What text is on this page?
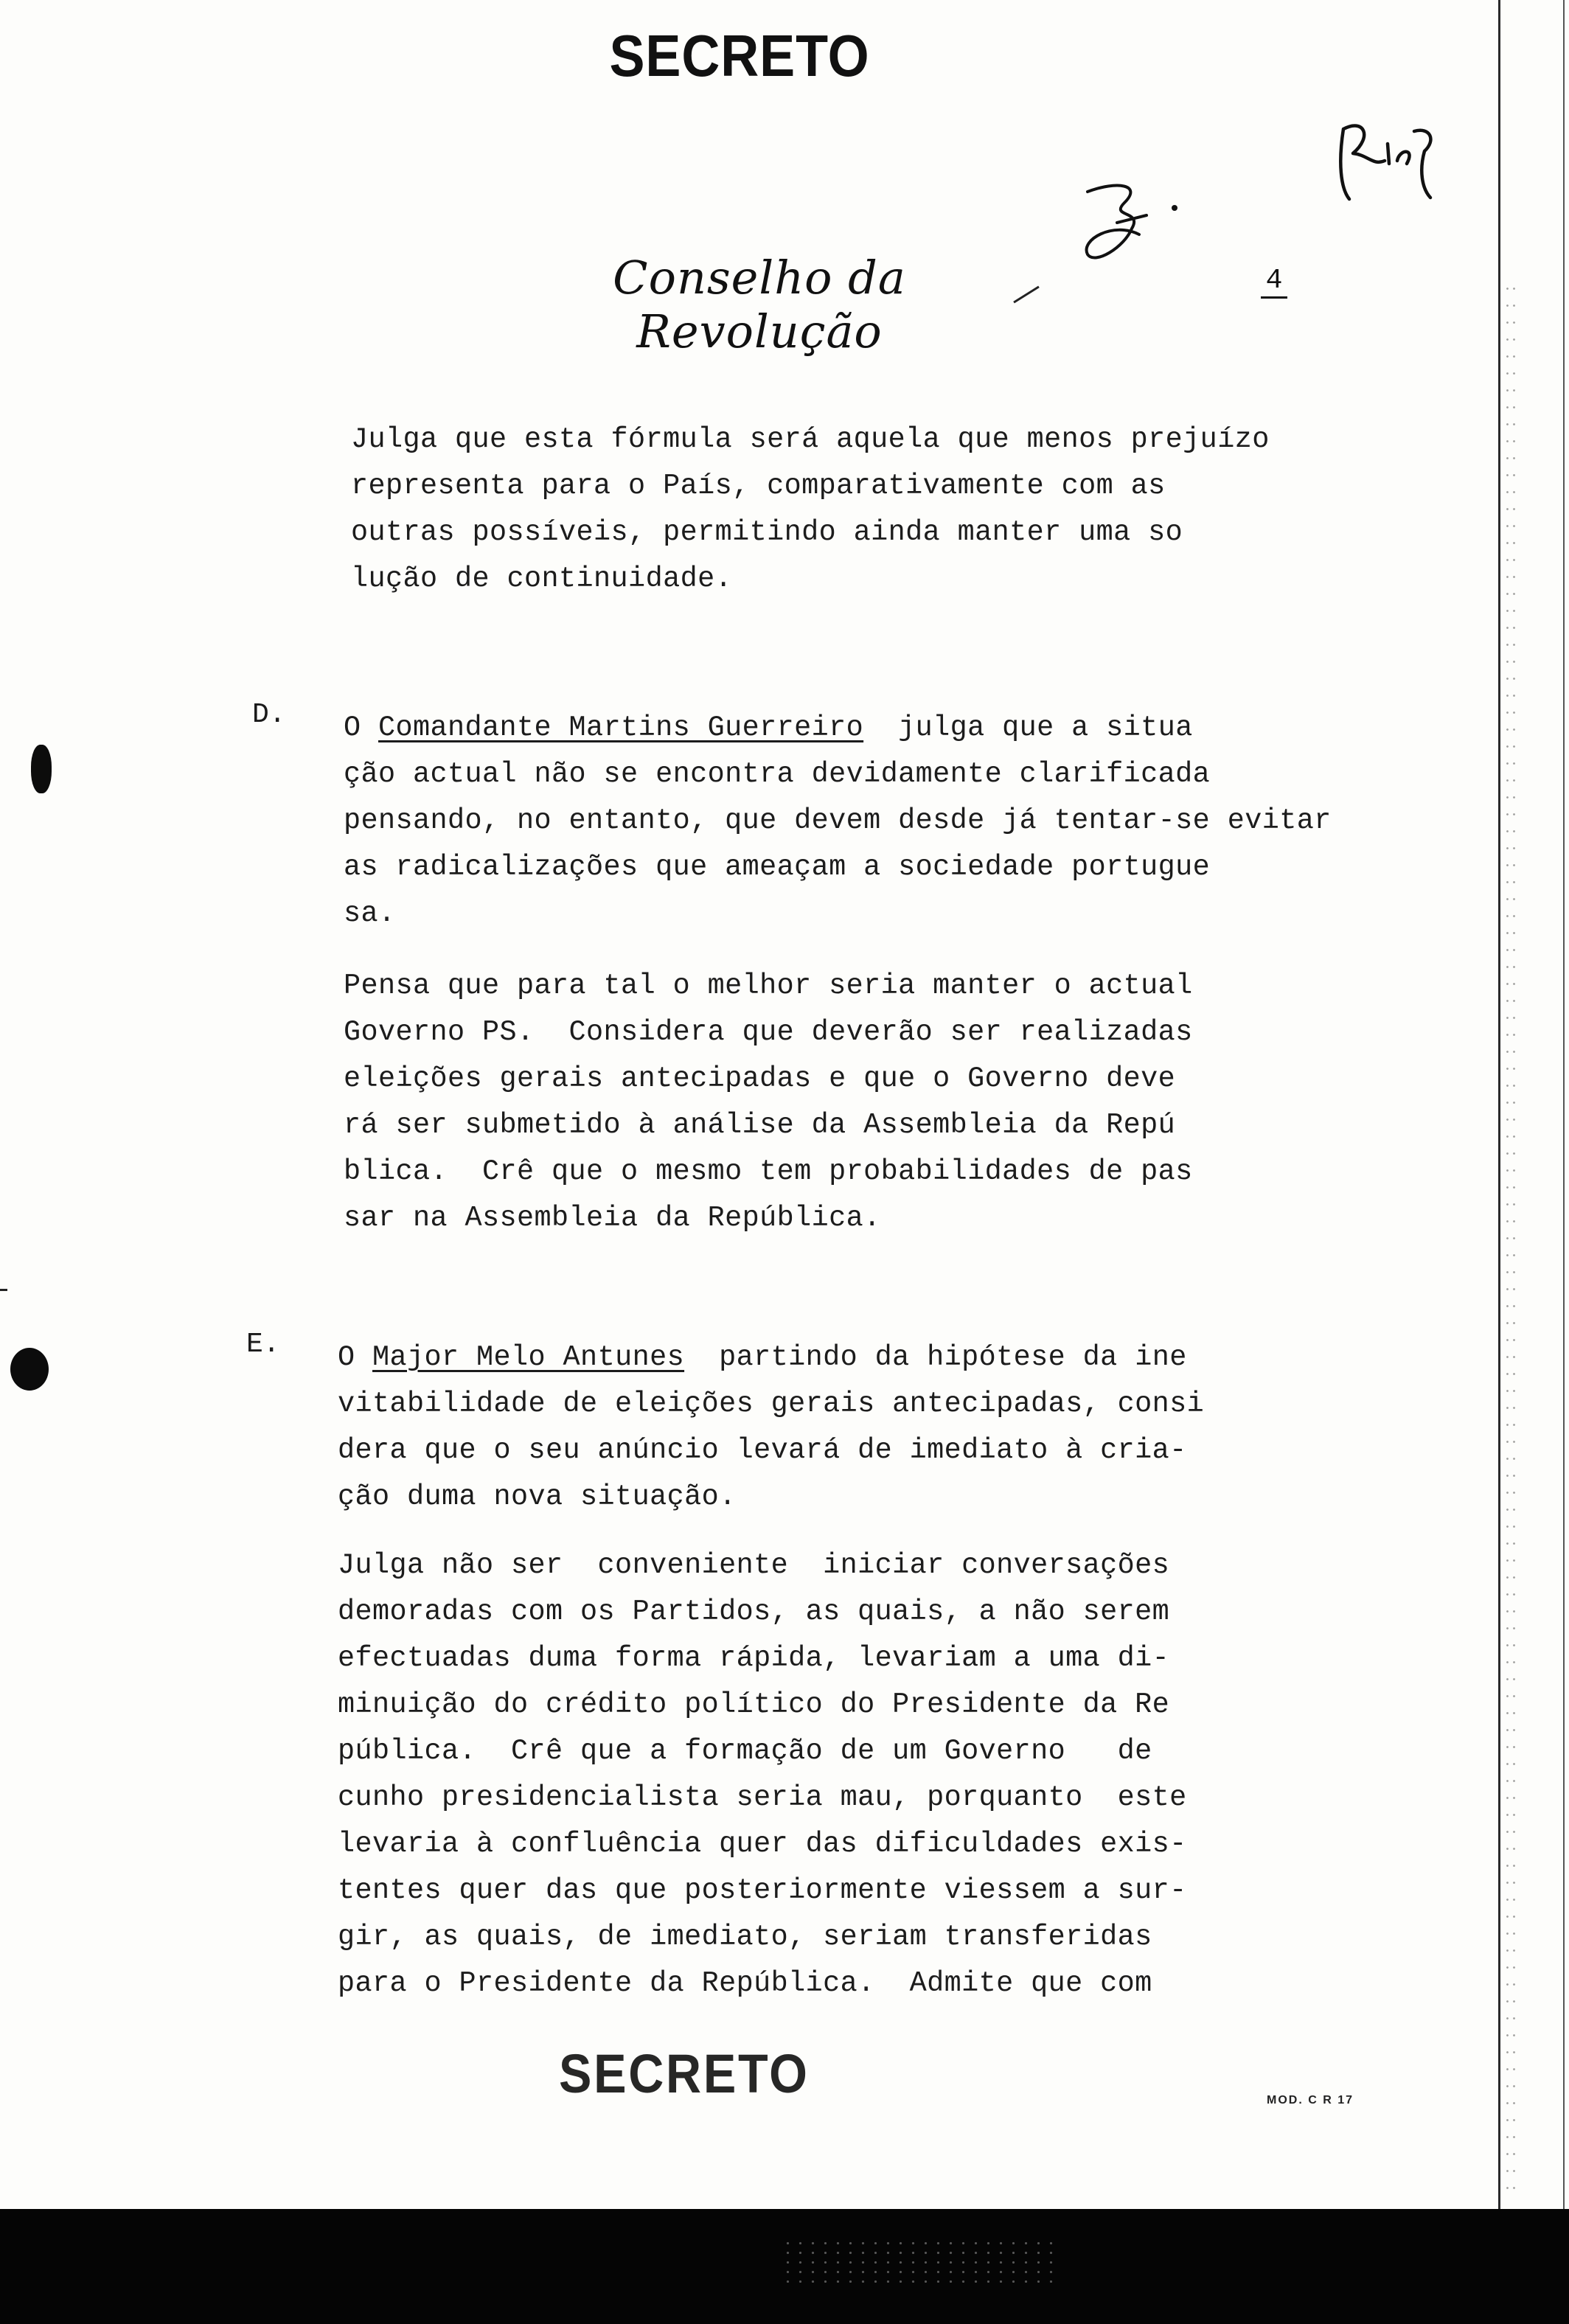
SECRETO
Conselho da Revolução
4
Julga que esta fórmula será aquela que menos prejuízo
representa para o País, comparativamente com as
outras possíveis, permitindo ainda manter uma so
lução de continuidade.
D. O Comandante Martins Guerreiro  julga que a situa
ção actual não se encontra devidamente clarificada
pensando, no entanto, que devem desde já tentar-se evitar
as radicalizações que ameaçam a sociedade portugue
sa.
Pensa que para tal o melhor seria manter o actual
Governo PS.  Considera que deverão ser realizadas
eleições gerais antecipadas e que o Governo deve
rá ser submetido à análise da Assembleia da Repú
blica.  Crê que o mesmo tem probabilidades de pas
sar na Assembleia da República.
E. O Major Melo Antunes  partindo da hipótese da ine
vitabilidade de eleições gerais antecipadas, consi
dera que o seu anúncio levará de imediato à cria-
ção duma nova situação.
Julga não ser  conveniente  iniciar conversações
demoradas com os Partidos, as quais, a não serem
efectuadas duma forma rápida, levariam a uma di-
minuição do crédito político do Presidente da Re
pública.  Crê que a formação de um Governo   de
cunho presidencialista seria mau, porquanto  este
levaria à confluência quer das dificuldades exis-
tentes quer das que posteriormente viessem a sur-
gir, as quais, de imediato, seriam transferidas
para o Presidente da República.  Admite que com
SECRETO	MOD. C R 17
